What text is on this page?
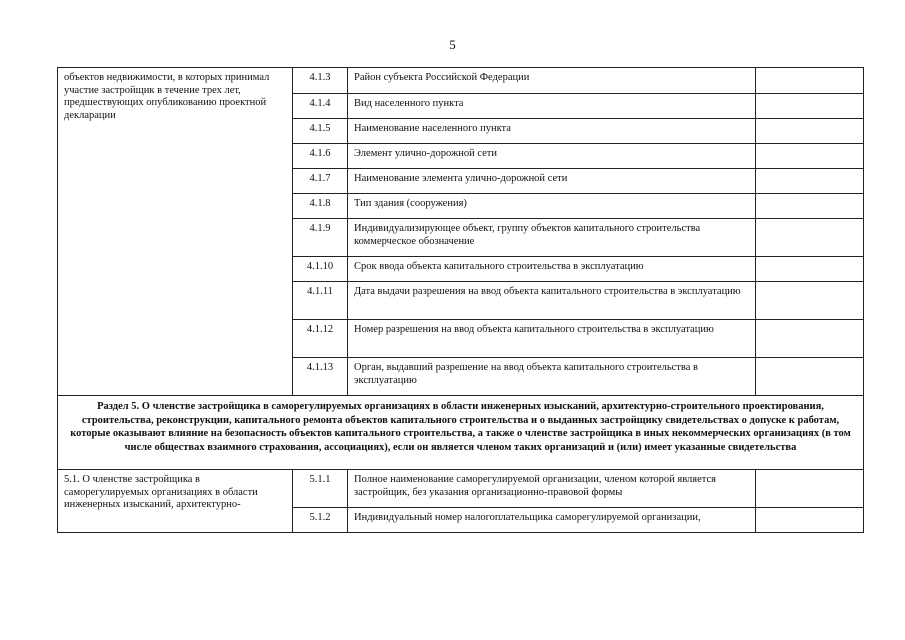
5
объектов недвижимости, в которых принимал участие застройщик в течение трех лет, предшествующих опубликованию проектной декларации	4.1.3	Район субъекта Российской Федерации	
	4.1.4	Вид населенного пункта	
	4.1.5	Наименование населенного пункта	
	4.1.6	Элемент улично-дорожной сети	
	4.1.7	Наименование элемента улично-дорожной сети	
	4.1.8	Тип здания (сооружения)	
	4.1.9	Индивидуализирующее объект, группу объектов капитального строительства коммерческое обозначение	
	4.1.10	Срок ввода объекта капитального строительства в эксплуатацию	
	4.1.11	Дата выдачи разрешения на ввод объекта капитального строительства в эксплуатацию	
	4.1.12	Номер разрешения на ввод объекта капитального строительства в эксплуатацию	
	4.1.13	Орган, выдавший разрешение на ввод объекта капитального строительства в эксплуатацию	
Раздел 5. О членстве застройщика в саморегулируемых организациях в области инженерных изысканий, архитектурно-строительного проектирования, строительства, реконструкции, капитального ремонта объектов капитального строительства и о выданных застройщику свидетельствах о допуске к работам, которые оказывают влияние на безопасность объектов капитального строительства, а также о членстве застройщика в иных некоммерческих организациях (в том числе обществах взаимного страхования, ассоциациях), если он является членом таких организаций и (или) имеет указанные свидетельства			
5.1. О членстве застройщика в саморегулируемых организациях в области инженерных изысканий, архитектурно-	5.1.1	Полное наименование саморегулируемой организации, членом которой является застройщик, без указания организационно-правовой формы	
	5.1.2	Индивидуальный номер налогоплательщика саморегулируемой организации,	
